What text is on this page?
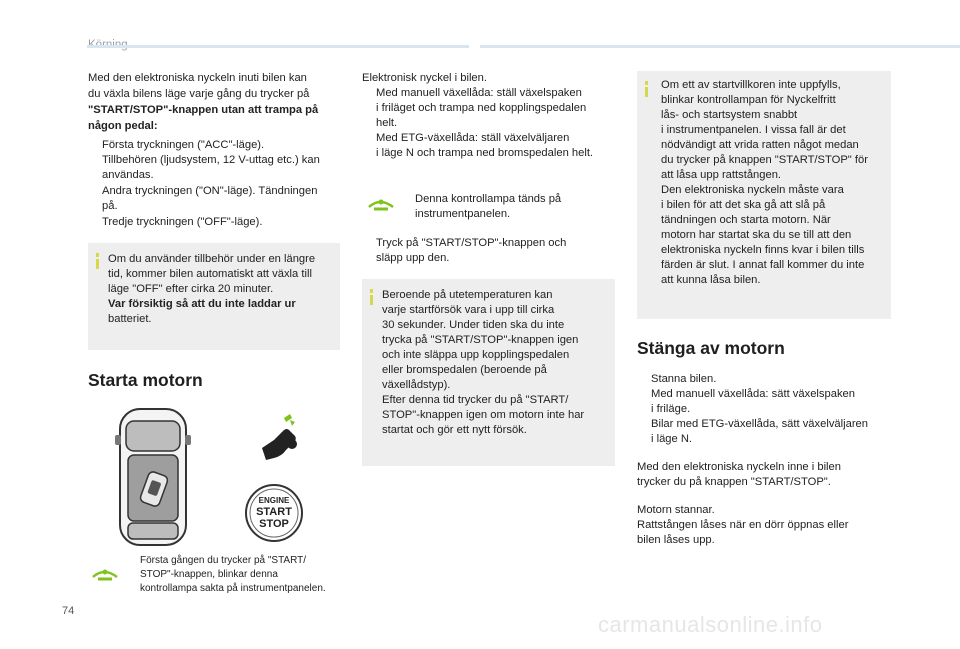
Med den elektroniska nyckeln inuti bilen kan

du växla bilens läge varje gång du trycker på

"START/STOP"-knappen utan att trampa på

någon pedal:

Första tryckningen ("ACC"-läge).

Tillbehören (ljudsystem, 12 V-uttag etc.) kan

användas.

Andra tryckningen ("ON"-läge). Tändningen

på.

Tredje tryckningen ("OFF"-läge).

Om du använder tillbehör under en längre

tid, kommer bilen automatiskt att växla till

läge "OFF" efter cirka 20 minuter.

Var försiktig så att du inte laddar ur

batteriet.

Starta motorn
ENGINE
START
STOP

Första gången du trycker på "START/

STOP"-knappen, blinkar denna

kontrollampa sakta på instrumentpanelen.

Elektronisk nyckel i bilen.

Med manuell växellåda: ställ växelspaken

i friläget och trampa ned kopplingspedalen

helt.

Med ETG-växellåda: ställ växelväljaren

i läge N och trampa ned bromspedalen helt.

Denna kontrollampa tänds på

instrumentpanelen.

Tryck på "START/STOP"-knappen och

släpp upp den.

Beroende på utetemperaturen kan

varje startförsök vara i upp till cirka

30 sekunder. Under tiden ska du inte

trycka på "START/STOP"-knappen igen

och inte släppa upp kopplingspedalen

eller bromspedalen (beroende på

växellådstyp).

Efter denna tid trycker du på "START/

STOP"-knappen igen om motorn inte har

startat och gör ett nytt försök.

Om ett av startvillkoren inte uppfylls,

blinkar kontrollampan för Nyckelfritt

lås- och startsystem snabbt

i instrumentpanelen. I vissa fall är det

nödvändigt att vrida ratten något medan

du trycker på knappen "START/STOP" för

att låsa upp rattstången.

Den elektroniska nyckeln måste vara

i bilen för att det ska gå att slå på

tändningen och starta motorn. När

motorn har startat ska du se till att den

elektroniska nyckeln finns kvar i bilen tills

färden är slut. I annat fall kommer du inte

att kunna låsa bilen.

Stänga av motorn

Stanna bilen.

Med manuell växellåda: sätt växelspaken

i friläge.

Bilar med ETG-växellåda, sätt växelväljaren

i läge N.

Med den elektroniska nyckeln inne i bilen

trycker du på knappen "START/STOP".

Motorn stannar.

Rattstången låses när en dörr öppnas eller

bilen låses upp.

74
carmanualsonline.info
